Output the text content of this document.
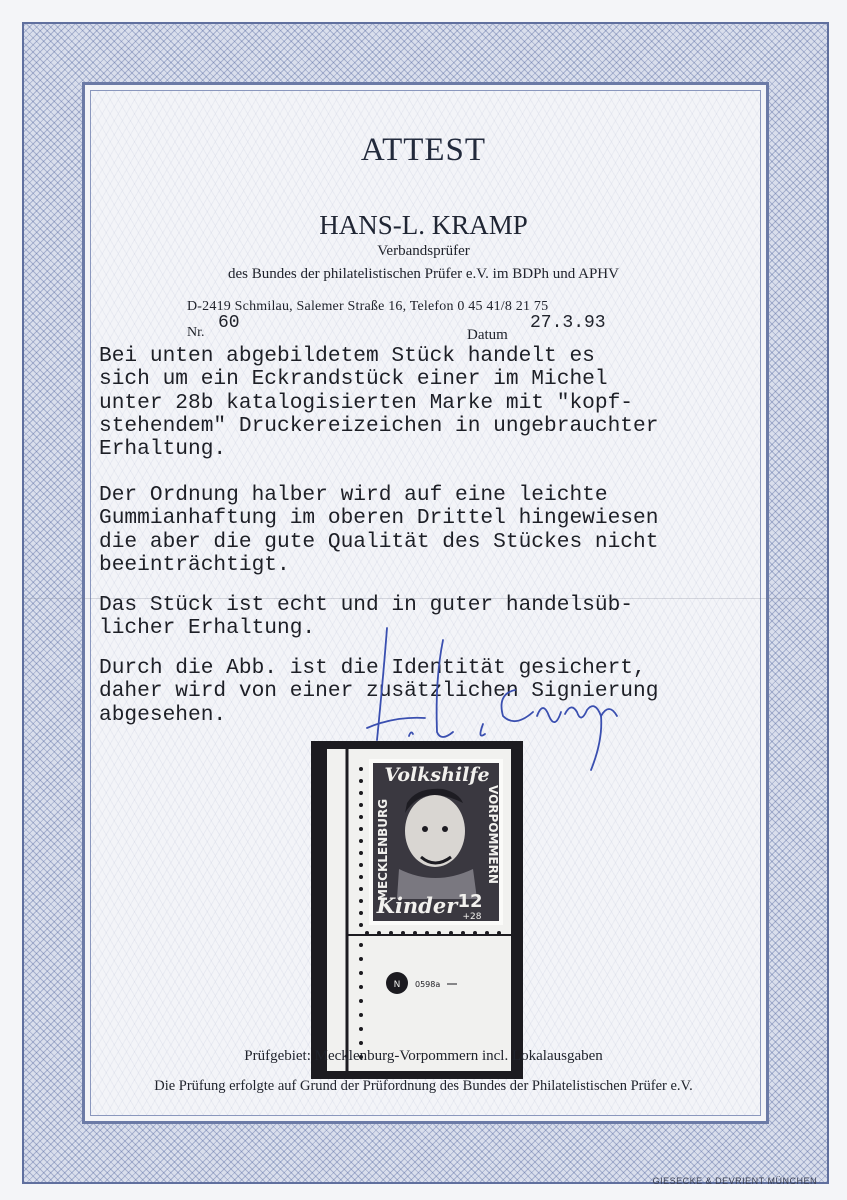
ATTEST
HANS-L. KRAMP
Verbandsprüfer
des Bundes der philatelistischen Prüfer e.V. im BDPh und APHV
D-2419 Schmilau, Salemer Straße 16, Telefon 0 45 41/8 21 75
Nr. 60
Datum
27.3.93
Bei unten abgebildetem Stück handelt es
sich um ein Eckrandstück einer im Michel
unter 28b katalogisierten Marke mit "kopf-
stehendem" Druckereizeichen in ungebrauchter
Erhaltung.
Der Ordnung halber wird auf eine leichte
Gummianhaftung im oberen Drittel hingewiesen
die aber die gute Qualität des Stückes nicht
beeinträchtigt.
Das Stück ist echt und in guter handelsüb-
licher Erhaltung.
Durch die Abb. ist die Identität gesichert,
daher wird von einer zusätzlichen Signierung
abgesehen.
Volkshilfe
MECKLENBURG	VORPOMMERN
Kinder 12
+28
N 0598a
Prüfgebiet: Mecklenburg-Vorpommern incl. Lokalausgaben
Die Prüfung erfolgte auf Grund der Prüfordnung des Bundes der Philatelistischen Prüfer e.V.
GIESECKE & DEVRIENT MÜNCHEN
